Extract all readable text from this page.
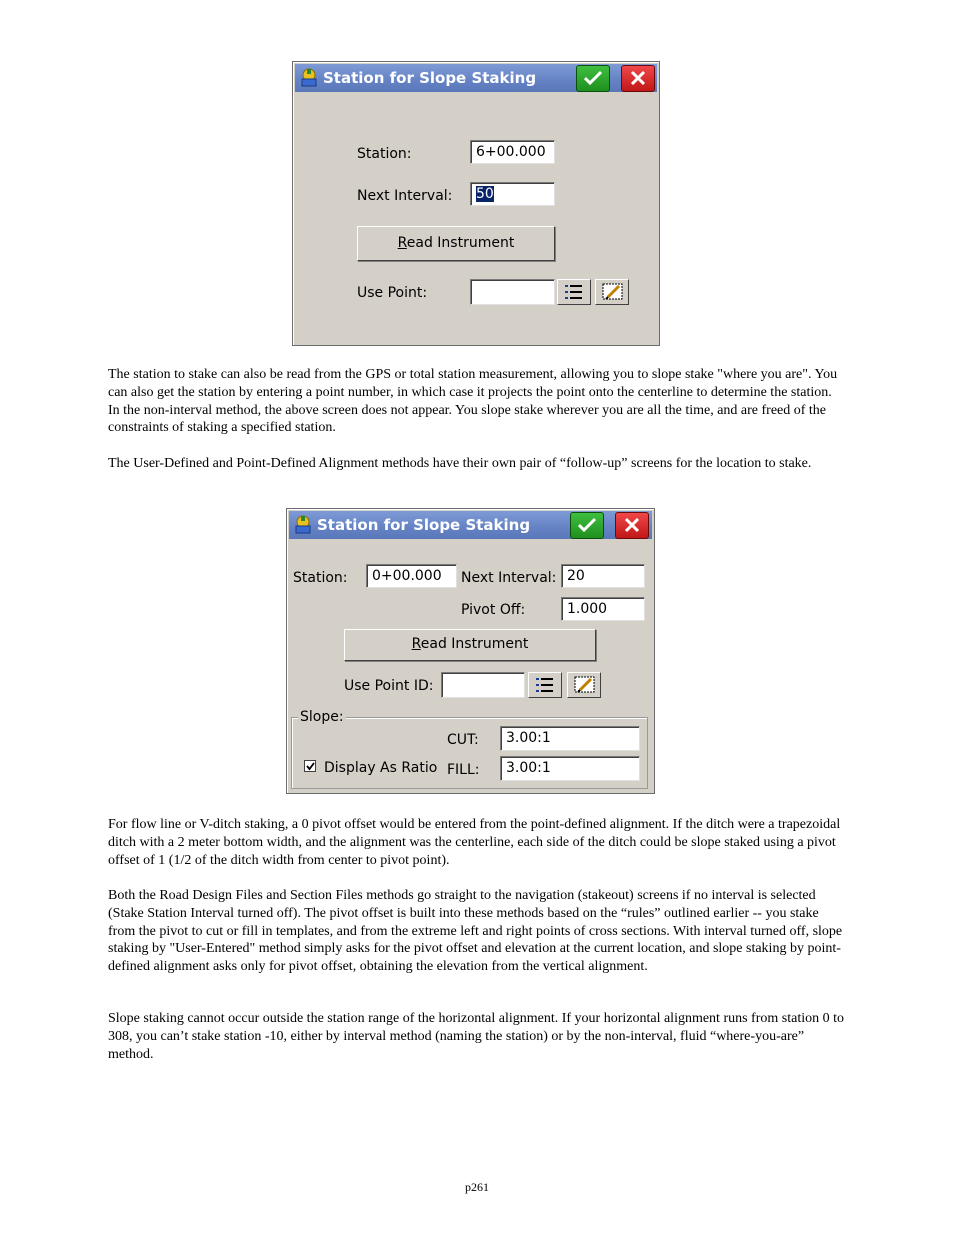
Station for Slope Staking
Station:	6+00.000
Next Interval:	50
Read Instrument
Use Point:

The station to stake can also be read from the GPS or total station measurement, allowing you to slope stake "where you are". You can also get the station by entering a point number, in which case it projects the point onto the centerline to determine the station. In the non-interval method, the above screen does not appear. You slope stake wherever you are all the time, and are freed of the constraints of staking a specified station.

The User-Defined and Point-Defined Alignment methods have their own pair of “follow-up” screens for the location to stake.

Station for Slope Staking
Station:	0+00.000	Next Interval: 20
Pivot Off:	1.000
Read Instrument
Use Point ID:
Slope:
CUT:	3.00:1
Display As Ratio FILL:	3.00:1

For flow line or V-ditch staking, a 0 pivot offset would be entered from the point-defined alignment. If the ditch were a trapezoidal ditch with a 2 meter bottom width, and the alignment was the centerline, each side of the ditch could be slope staked using a pivot offset of 1 (1/2 of the ditch width from center to pivot point).

Both the Road Design Files and Section Files methods go straight to the navigation (stakeout) screens if no interval is selected (Stake Station Interval turned off). The pivot offset is built into these methods based on the “rules” outlined earlier -- you stake from the pivot to cut or fill in templates, and from the extreme left and right points of cross sections. With interval turned off, slope staking by "User-Entered" method simply asks for the pivot offset and elevation at the current location, and slope staking by point-defined alignment asks only for pivot offset, obtaining the elevation from the vertical alignment.

Slope staking cannot occur outside the station range of the horizontal alignment. If your horizontal alignment runs from station 0 to 308, you can’t stake station -10, either by interval method (naming the station) or by the non-interval, fluid “where-you-are” method.

p261
